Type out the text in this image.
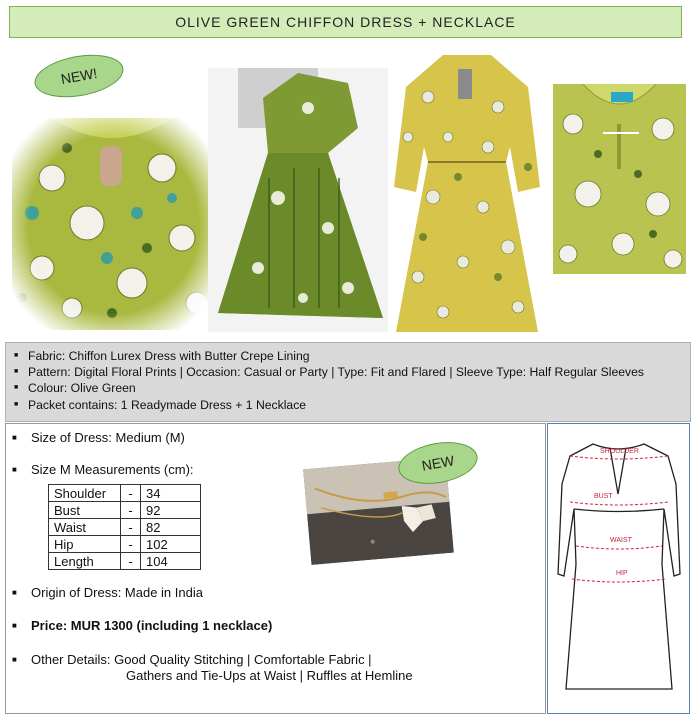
OLIVE GREEN CHIFFON DRESS + NECKLACE
NEW!
■ Fabric: Chiffon Lurex Dress with Butter Crepe Lining
■ Pattern: Digital Floral Prints | Occasion: Casual or Party | Type: Fit and Flared | Sleeve Type: Half Regular Sleeves
■ Colour: Olive Green
■ Packet contains: 1 Readymade Dress + 1 Necklace
■ Size of Dress: Medium (M)
■ Size M Measurements (cm):
Shoulder	-	34
Bust	-	92
Waist	-	82
Hip	-	102
Length	-	104
NEW
■ Origin of Dress: Made in India
■ Price: MUR 1300 (including 1 necklace)
■ Other Details: Good Quality Stitching | Comfortable Fabric |
Gathers and Tie-Ups at Waist | Ruffles at Hemline
SHOULDER
BUST
WAIST
HIP
